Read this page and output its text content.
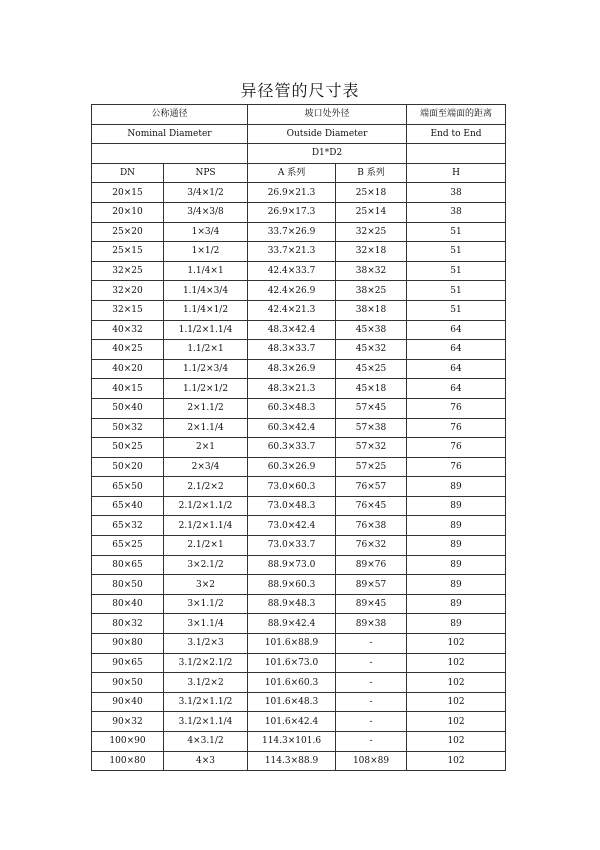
异径管的尺寸表
公称通径		坡口处外径		端面至端面的距离
Nominal Diameter		Outside Diameter		End to End
		D1*D2		
DN	NPS	A 系列	B 系列	H
20×15	3/4×1/2	26.9×21.3	25×18	38
20×10	3/4×3/8	26.9×17.3	25×14	38
25×20	1×3/4	33.7×26.9	32×25	51
25×15	1×1/2	33.7×21.3	32×18	51
32×25	1.1/4×1	42.4×33.7	38×32	51
32×20	1.1/4×3/4	42.4×26.9	38×25	51
32×15	1.1/4×1/2	42.4×21.3	38×18	51
40×32	1.1/2×1.1/4	48.3×42.4	45×38	64
40×25	1.1/2×1	48.3×33.7	45×32	64
40×20	1.1/2×3/4	48.3×26.9	45×25	64
40×15	1.1/2×1/2	48.3×21.3	45×18	64
50×40	2×1.1/2	60.3×48.3	57×45	76
50×32	2×1.1/4	60.3×42.4	57×38	76
50×25	2×1	60.3×33.7	57×32	76
50×20	2×3/4	60.3×26.9	57×25	76
65×50	2.1/2×2	73.0×60.3	76×57	89
65×40	2.1/2×1.1/2	73.0×48.3	76×45	89
65×32	2.1/2×1.1/4	73.0×42.4	76×38	89
65×25	2.1/2×1	73.0×33.7	76×32	89
80×65	3×2.1/2	88.9×73.0	89×76	89
80×50	3×2	88.9×60.3	89×57	89
80×40	3×1.1/2	88.9×48.3	89×45	89
80×32	3×1.1/4	88.9×42.4	89×38	89
90×80	3.1/2×3	101.6×88.9	-	102
90×65	3.1/2×2.1/2	101.6×73.0	-	102
90×50	3.1/2×2	101.6×60.3	-	102
90×40	3.1/2×1.1/2	101.6×48.3	-	102
90×32	3.1/2×1.1/4	101.6×42.4	-	102
100×90	4×3.1/2	114.3×101.6	-	102
100×80	4×3	114.3×88.9	108×89	102
